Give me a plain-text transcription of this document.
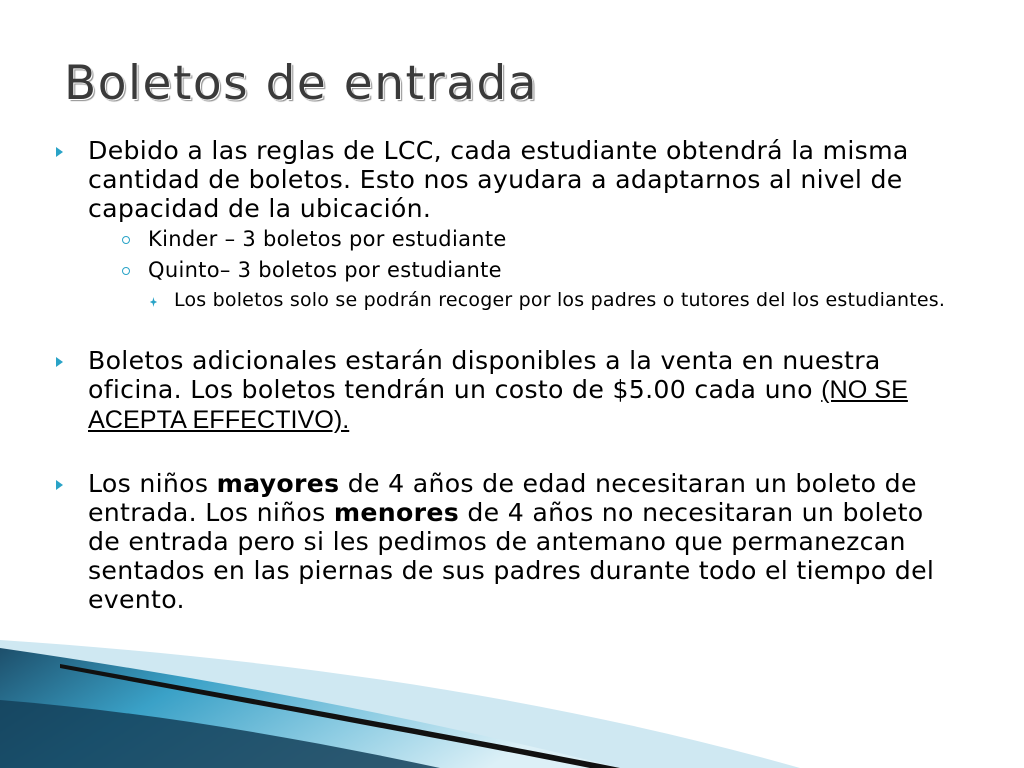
Boletos de entrada
Debido a las reglas de LCC, cada estudiante obtendrá la misma cantidad de boletos. Esto nos ayudara a adaptarnos al nivel de capacidad de la ubicación.
Kinder – 3 boletos por estudiante
Quinto– 3 boletos por estudiante
Los boletos solo se podrán recoger por los padres o tutores del los estudiantes.
Boletos adicionales estarán disponibles a la venta en nuestra oficina. Los boletos tendrán un costo de $5.00 cada uno (NO SE ACEPTA EFFECTIVO).
Los niños mayores de 4 años de edad necesitaran un boleto de entrada. Los niños menores de 4 años no necesitaran un boleto de entrada pero si les pedimos de antemano que permanezcan sentados en las piernas de sus padres durante todo el tiempo del evento.
